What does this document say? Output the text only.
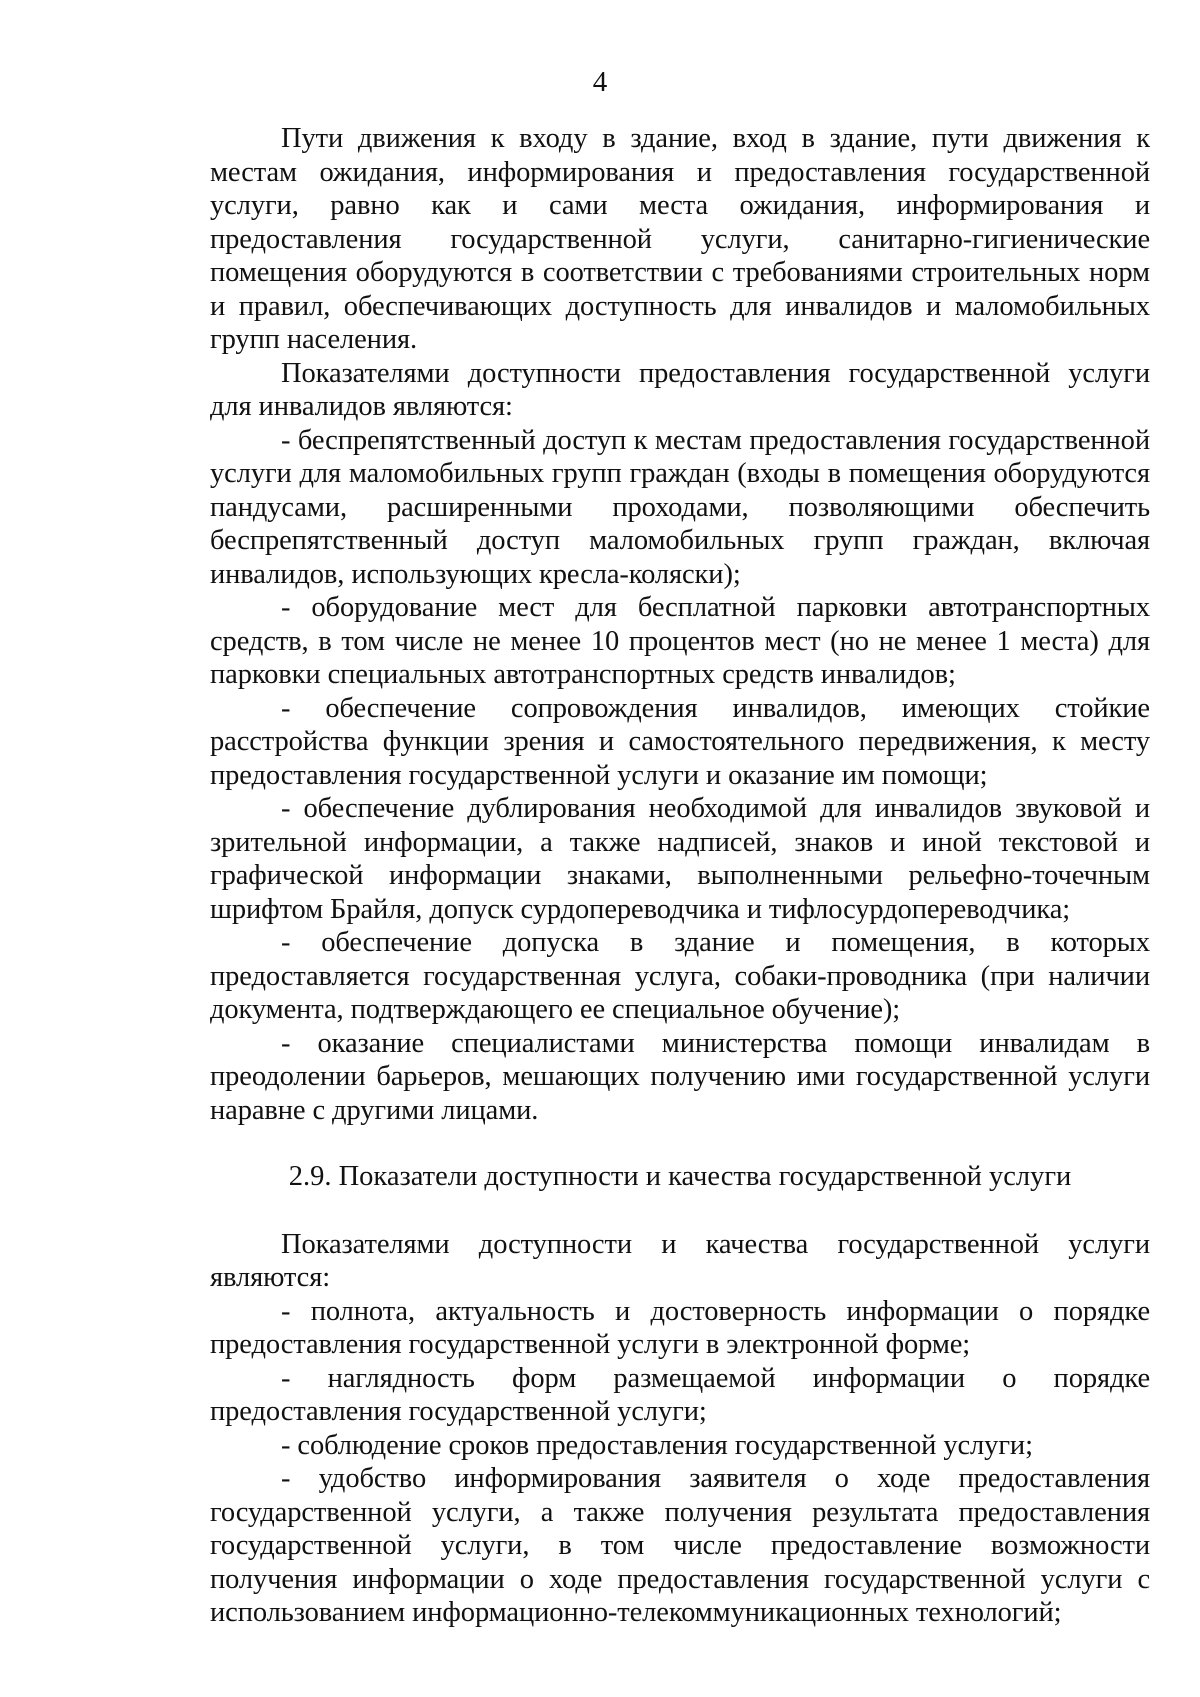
4

Пути движения к входу в здание, вход в здание, пути движения к местам ожидания, информирования и предоставления государственной услуги, равно как и сами места ожидания, информирования и предоставления государственной услуги, санитарно-гигиенические помещения оборудуются в соответствии с требованиями строительных норм и правил, обеспечивающих доступность для инвалидов и маломобильных групп населения.

Показателями доступности предоставления государственной услуги для инвалидов являются:

- беспрепятственный доступ к местам предоставления государственной услуги для маломобильных групп граждан (входы в помещения оборудуются пандусами, расширенными проходами, позволяющими обеспечить беспрепятственный доступ маломобильных групп граждан, включая инвалидов, использующих кресла-коляски);

- оборудование мест для бесплатной парковки автотранспортных средств, в том числе не менее 10 процентов мест (но не менее 1 места) для парковки специальных автотранспортных средств инвалидов;

- обеспечение сопровождения инвалидов, имеющих стойкие расстройства функции зрения и самостоятельного передвижения, к месту предоставления государственной услуги и оказание им помощи;

- обеспечение дублирования необходимой для инвалидов звуковой и зрительной информации, а также надписей, знаков и иной текстовой и графической информации знаками, выполненными рельефно-точечным шрифтом Брайля, допуск сурдопереводчика и тифлосурдопереводчика;

- обеспечение допуска в здание и помещения, в которых предоставляется государственная услуга, собаки-проводника (при наличии документа, подтверждающего ее специальное обучение);

- оказание специалистами министерства помощи инвалидам в преодолении барьеров, мешающих получению ими государственной услуги наравне с другими лицами.

2.9. Показатели доступности и качества государственной услуги

Показателями доступности и качества государственной услуги являются:

- полнота, актуальность и достоверность информации о порядке предоставления государственной услуги в электронной форме;

- наглядность форм размещаемой информации о порядке предоставления государственной услуги;

- соблюдение сроков предоставления государственной услуги;

- удобство информирования заявителя о ходе предоставления государственной услуги, а также получения результата предоставления государственной услуги, в том числе предоставление возможности получения информации о ходе предоставления государственной услуги с использованием информационно-телекоммуникационных технологий;
